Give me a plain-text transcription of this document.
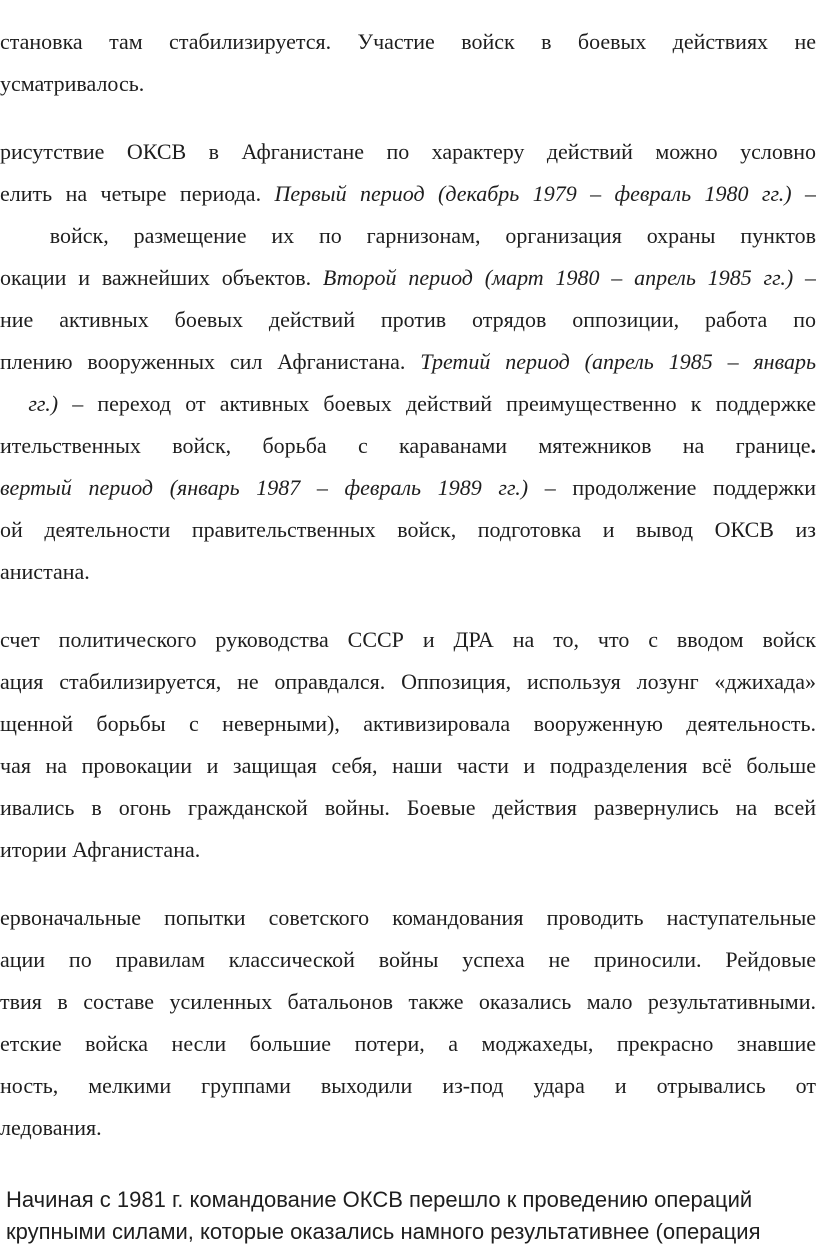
становка там стабилизируется. Участие войск в боевых действиях не
усматривалось.
рисутствие ОКСВ в Афганистане по характеру действий можно условно
елить на четыре периода. Первый период (декабрь 1979 – февраль 1980 гг.) –
войск, размещение их по гарнизонам, организация охраны пунктов
окации и важнейших объектов. Второй период (март 1980 – апрель 1985 гг.) –
ние активных боевых действий против отрядов оппозиции, работа по
плению вооруженных сил Афганистана. Третий период (апрель 1985 – январь
гг.) – переход от активных боевых действий преимущественно к поддержке
ительственных войск, борьба с караванами мятежников на границе.
вертый период (январь 1987 – февраль 1989 гг.) – продолжение поддержки
ой деятельности правительственных войск, подготовка и вывод ОКСВ из
анистана.
счет политического руководства СССР и ДРА на то, что с вводом войск
ация стабилизируется, не оправдался. Оппозиция, используя лозунг «джихада»
щенной борьбы с неверными), активизировала вооруженную деятельность.
чая на провокации и защищая себя, наши части и подразделения всё больше
ивались в огонь гражданской войны. Боевые действия развернулись на всей
итории Афганистана.
ервоначальные попытки советского командования проводить наступательные
ации по правилам классической войны успеха не приносили. Рейдовые
твия в составе усиленных батальонов также оказались мало результативными.
етские войска несли большие потери, а моджахеды, прекрасно знавшие
ность, мелкими группами выходили из-под удара и отрывались от
ледования.
Начиная с 1981 г. командование ОКСВ перешло к проведению операций
крупными силами, которые оказались намного результативнее (операция
